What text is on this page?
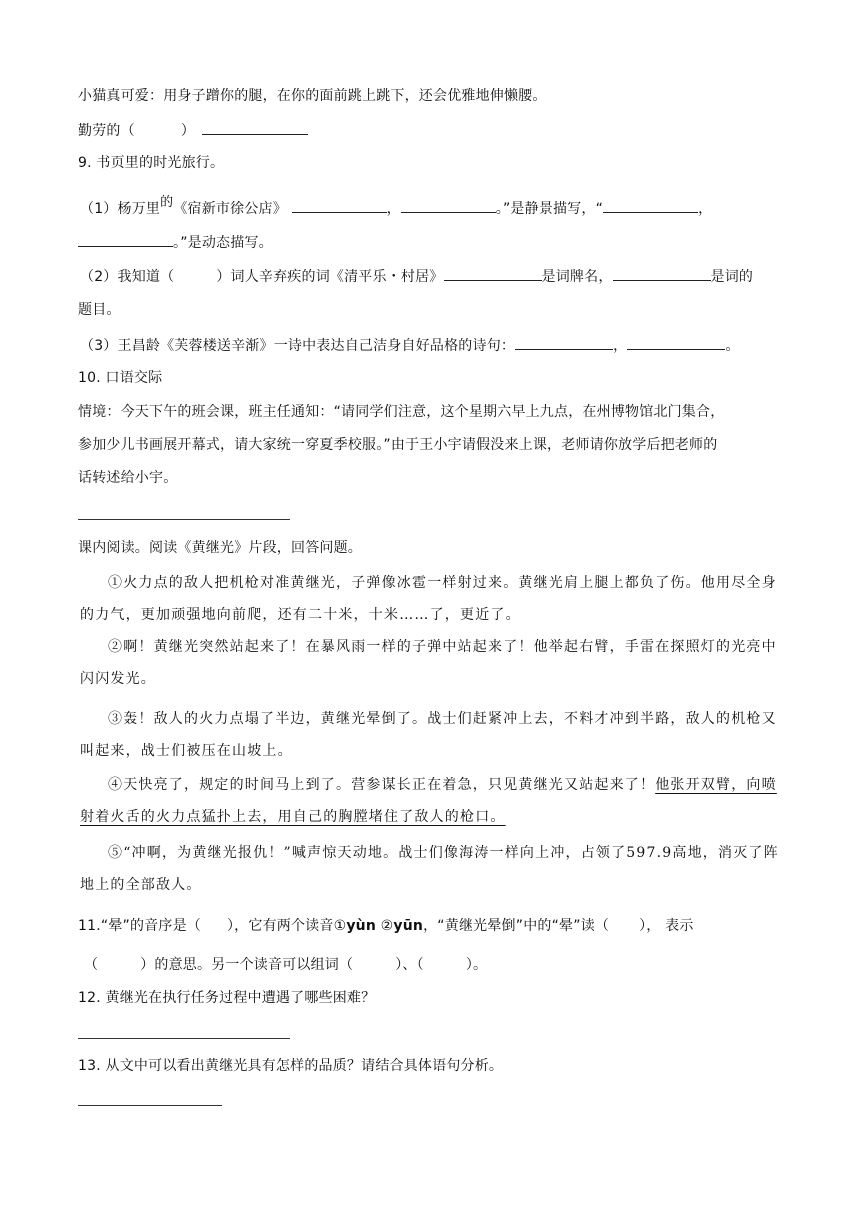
小猫真可爱：用身子蹭你的腿，在你的面前跳上跳下，还会优雅地伸懒腰。
勤劳的（	）
9. 书页里的时光旅行。
（1）杨万里的《宿新市徐公店》	，	。”是静景描写，“	，
。”是动态描写。
（2）我知道（	）词人辛弃疾的词《清平乐・村居》	是词牌名，	是词的
题目。
（3）王昌龄《芙蓉楼送辛渐》一诗中表达自己洁身自好品格的诗句：	，	。
10. 口语交际
情境：今天下午的班会课，班主任通知：“请同学们注意，这个星期六早上九点，在州博物馆北门集合，
参加少儿书画展开幕式，请大家统一穿夏季校服。”由于王小宇请假没来上课，老师请你放学后把老师的
话转述给小宇。
课内阅读。阅读《黄继光》片段，回答问题。
①火力点的敌人把机枪对准黄继光，子弹像冰雹一样射过来。黄继光肩上腿上都负了伤。他用尽全身的力气，更加顽强地向前爬，还有二十米，十米……了，更近了。
②啊！黄继光突然站起来了！在暴风雨一样的子弹中站起来了！他举起右臂，手雷在探照灯的光亮中闪闪发光。
③轰！敌人的火力点塌了半边，黄继光晕倒了。战士们赶紧冲上去，不料才冲到半路，敌人的机枪又叫起来，战士们被压在山坡上。
④天快亮了，规定的时间马上到了。营参谋长正在着急，只见黄继光又站起来了！他张开双臂，向喷射着火舌的火力点猛扑上去，用自己的胸膛堵住了敌人的枪口。
⑤“冲啊，为黄继光报仇！”喊声惊天动地。战士们像海涛一样向上冲，占领了597.9高地，消灭了阵地上的全部敌人。
11.“晕”的音序是（ ），它有两个读音①yùn ②yūn，“黄继光晕倒”中的“晕”读（ ）， 表示
（	）的意思。另一个读音可以组词（	）、（	）。
12. 黄继光在执行任务过程中遭遇了哪些困难？
13. 从文中可以看出黄继光具有怎样的品质？请结合具体语句分析。
